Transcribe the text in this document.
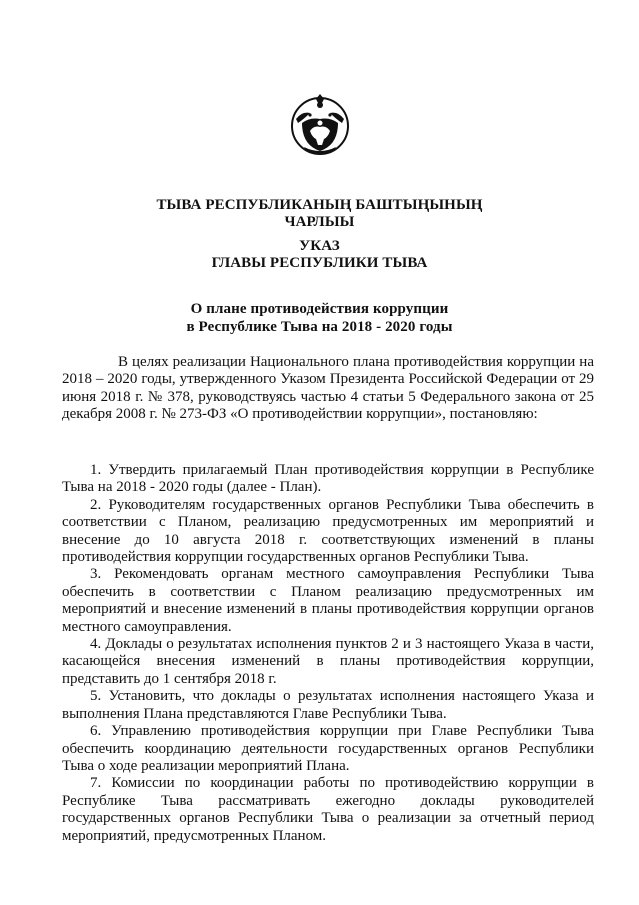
ТЫВА РЕСПУБЛИКАНЫҢ БАШТЫҢЫНЫҢ
ЧАРЛЫЫ
УКАЗ
ГЛАВЫ РЕСПУБЛИКИ ТЫВА
О плане противодействия коррупции
в Республике Тыва на 2018 - 2020 годы

В целях реализации Национального плана противодействия коррупции на 2018 – 2020 годы, утвержденного Указом Президента Российской Федерации от 29 июня 2018 г. № 378, руководствуясь частью 4 статьи 5 Федерального закона от 25 декабря 2008 г. № 273-ФЗ «О противодействии коррупции», постановляю:

1. Утвердить прилагаемый План противодействия коррупции в Республике Тыва на 2018 - 2020 годы (далее - План).

2. Руководителям государственных органов Республики Тыва обеспечить в соответствии с Планом, реализацию предусмотренных им мероприятий и внесение до 10 августа 2018 г. соответствующих изменений в планы противодействия коррупции государственных органов Республики Тыва.

3. Рекомендовать органам местного самоуправления Республики Тыва обеспечить в соответствии с Планом реализацию предусмотренных им мероприятий и внесение изменений в планы противодействия коррупции органов местного самоуправления.

4. Доклады о результатах исполнения пунктов 2 и 3 настоящего Указа в части, касающейся внесения изменений в планы противодействия коррупции, представить до 1 сентября 2018 г.

5. Установить, что доклады о результатах исполнения настоящего Указа и выполнения Плана представляются Главе Республики Тыва.

6. Управлению противодействия коррупции при Главе Республики Тыва обеспечить координацию деятельности государственных органов Республики Тыва о ходе реализации мероприятий Плана.

7. Комиссии по координации работы по противодействию коррупции в Республике Тыва рассматривать ежегодно доклады руководителей государственных органов Республики Тыва о реализации за отчетный период мероприятий, предусмотренных Планом.
